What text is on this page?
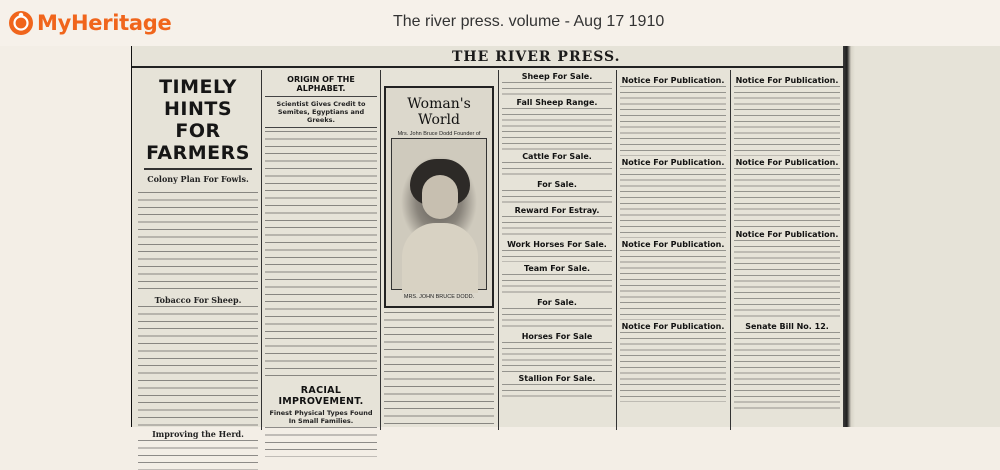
MyHeritage	The river press. volume - Aug 17 1910
THE RIVER PRESS.
TIMELY HINTS
FOR FARMERS
Colony Plan For Fowls.

Tobacco For Sheep.
Improving the Herd.
ORIGIN OF THE ALPHABET.
Scientist Gives Credit to Semites, Egyptians and Greeks.
RACIAL IMPROVEMENT.
Finest Physical Types Found In Small Families.
Woman's World
Mrs. John Bruce Dodd Founder of
MRS. JOHN BRUCE DODD.
Sheep For Sale.
Fall Sheep Range.
Cattle For Sale.
For Sale.
Reward For Estray.
Work Horses For Sale.
Team For Sale.
For Sale.
Horses For Sale
Stallion For Sale.
Notice For Publication.
Notice For Publication.
Notice For Publication.
Notice For Publication.
Notice For Publication.
Notice For Publication.
Notice For Publication.
Senate Bill No. 12.
